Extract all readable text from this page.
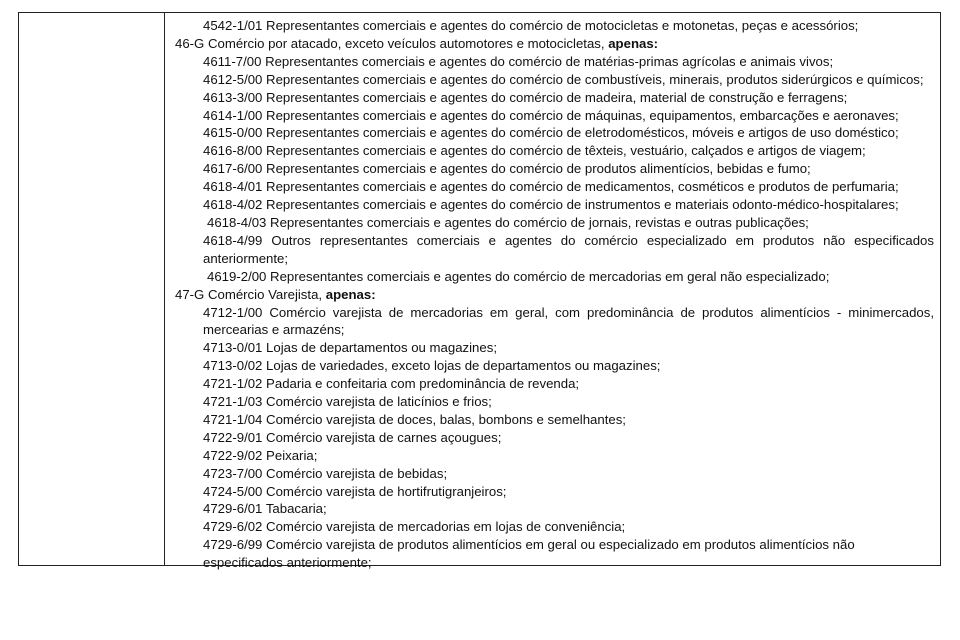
4542-1/01 Representantes comerciais e agentes do comércio de motocicletas e motonetas, peças e acessórios;
46-G Comércio por atacado, exceto veículos automotores e motocicletas, apenas:
4611-7/00 Representantes comerciais e agentes do comércio de matérias-primas agrícolas e animais vivos;
4612-5/00 Representantes comerciais e agentes do comércio de combustíveis, minerais, produtos siderúrgicos e químicos;
4613-3/00 Representantes comerciais e agentes do comércio de madeira, material de construção e ferragens;
4614-1/00 Representantes comerciais e agentes do comércio de máquinas, equipamentos, embarcações e aeronaves;
4615-0/00 Representantes comerciais e agentes do comércio de eletrodomésticos, móveis e artigos de uso doméstico;
4616-8/00 Representantes comerciais e agentes do comércio de têxteis, vestuário, calçados e artigos de viagem;
4617-6/00 Representantes comerciais e agentes do comércio de produtos alimentícios, bebidas e fumo;
4618-4/01 Representantes comerciais e agentes do comércio de medicamentos, cosméticos e produtos de perfumaria;
4618-4/02 Representantes comerciais e agentes do comércio de instrumentos e materiais odonto-médico-hospitalares;
4618-4/03 Representantes comerciais e agentes do comércio de jornais, revistas e outras publicações;
4618-4/99 Outros representantes comerciais e agentes do comércio especializado em produtos não especificados anteriormente;
4619-2/00 Representantes comerciais e agentes do comércio de mercadorias em geral não especializado;
47-G Comércio Varejista, apenas:
4712-1/00 Comércio varejista de mercadorias em geral, com predominância de produtos alimentícios - minimercados, mercearias e armazéns;
4713-0/01 Lojas de departamentos ou magazines;
4713-0/02 Lojas de variedades, exceto lojas de departamentos ou magazines;
4721-1/02 Padaria e confeitaria com predominância de revenda;
4721-1/03 Comércio varejista de laticínios e frios;
4721-1/04 Comércio varejista de doces, balas, bombons e semelhantes;
4722-9/01 Comércio varejista de carnes açougues;
4722-9/02 Peixaria;
4723-7/00 Comércio varejista de bebidas;
4724-5/00 Comércio varejista de hortifrutigranjeiros;
4729-6/01 Tabacaria;
4729-6/02 Comércio varejista de mercadorias em lojas de conveniência;
4729-6/99 Comércio varejista de produtos alimentícios em geral ou especializado em produtos alimentícios não especificados anteriormente;
